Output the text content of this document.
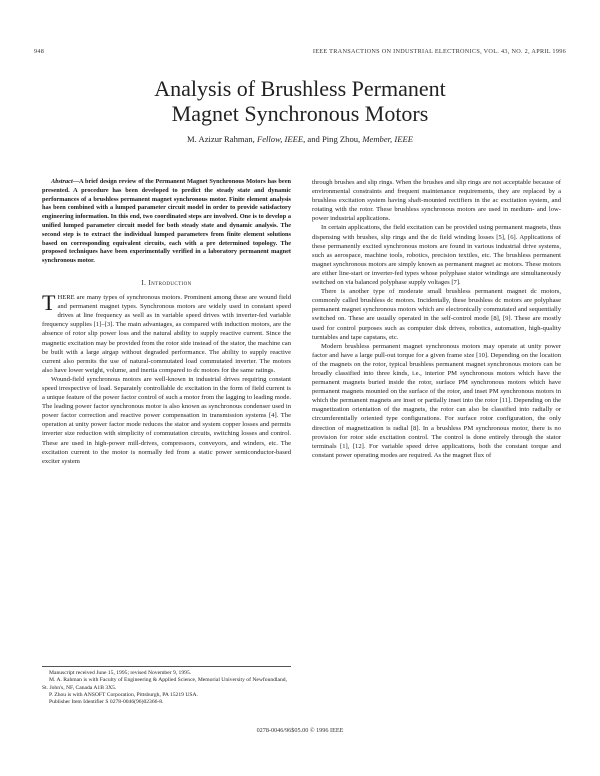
948	IEEE TRANSACTIONS ON INDUSTRIAL ELECTRONICS, VOL. 43, NO. 2, APRIL 1996
Analysis of Brushless Permanent
Magnet Synchronous Motors
M. Azizur Rahman, Fellow, IEEE, and Ping Zhou, Member, IEEE

Abstract—A brief design review of the Permanent Magnet Synchronous Motors has been presented. A procedure has been developed to predict the steady state and dynamic performances of a brushless permanent magnet synchronous motor. Finite element analysis has been combined with a lumped parameter circuit model in order to provide satisfactory engineering information. In this end, two coordinated steps are involved. One is to develop a unified lumped parameter circuit model for both steady state and dynamic analysis. The second step is to extract the individual lumped parameters from finite element solutions based on corresponding equivalent circuits, each with a pre determined topology. The proposed techniques have been experimentally verified in a laboratory permanent magnet synchronous motor.

I. Introduction

THERE are many types of synchronous motors. Prominent among these are wound field and permanent magnet types. Synchronous motors are widely used in constant speed drives at line frequency as well as in variable speed drives with inverter-fed variable frequency supplies [1]–[3]. The main advantages, as compared with induction motors, are the absence of rotor slip power loss and the natural ability to supply reactive current. Since the magnetic excitation may be provided from the rotor side instead of the stator, the machine can be built with a large airgap without degraded performance. The ability to supply reactive current also permits the use of natural-commutated load commutated inverter. The motors also have lower weight, volume, and inertia compared to dc motors for the same ratings.

Wound-field synchronous motors are well-known in industrial drives requiring constant speed irrespective of load. Separately controllable dc excitation in the form of field current is a unique feature of the power factor control of such a motor from the lagging to leading mode. The leading power factor synchronous motor is also known as synchronous condenser used in power factor correction and reactive power compensation in transmission systems [4]. The operation at unity power factor mode reduces the stator and system copper losses and permits inverter size reduction with simplicity of commutation circuits, switching losses and control. These are used in high-power mill-drives, compressors, conveyors, and winders, etc. The excitation current to the motor is normally fed from a static power semiconductor-based exciter system

Manuscript received June 15, 1995; revised November 9, 1995.

M. A. Rahman is with Faculty of Engineering & Applied Science, Memorial University of Newfoundland, St. John's, NF, Canada A1B 3X5.

P. Zhou is with ANSOFT Corporation, Pittsburgh, PA 15219 USA.

Publisher Item Identifier S 0278-0046(96)02366-8.

through brushes and slip rings. When the brushes and slip rings are not acceptable because of environmental constraints and frequent maintenance requirements, they are replaced by a brushless excitation system having shaft-mounted rectifiers in the ac excitation system, and rotating with the rotor. These brushless synchronous motors are used in medium- and low-power industrial applications.

In certain applications, the field excitation can be provided using permanent magnets, thus dispensing with brushes, slip rings and the dc field winding losses [5], [6]. Applications of these permanently excited synchronous motors are found in various industrial drive systems, such as aerospace, machine tools, robotics, precision textiles, etc. The brushless permanent magnet synchronous motors are simply known as permanent magnet ac motors. These motors are either line-start or inverter-fed types whose polyphase stator windings are simultaneously switched on via balanced polyphase supply voltages [7].

There is another type of moderate small brushless permanent magnet dc motors, commonly called brushless dc motors. Incidentally, these brushless dc motors are polyphase permanent magnet synchronous motors which are electronically commutated and sequentially switched on. These are usually operated in the self-control mode [8], [9]. These are mostly used for control purposes such as computer disk drives, robotics, automation, high-quality turntables and tape capstans, etc.

Modern brushless permanent magnet synchronous motors may operate at unity power factor and have a large pull-out torque for a given frame size [10]. Depending on the location of the magnets on the rotor, typical brushless permanent magnet synchronous motors can be broadly classified into three kinds, i.e., interior PM synchronous motors which have the permanent magnets buried inside the rotor, surface PM synchronous motors which have permanent magnets mounted on the surface of the rotor, and inset PM synchronous motors in which the permanent magnets are inset or partially inset into the rotor [11]. Depending on the magnetization orientation of the magnets, the rotor can also be classified into radially or circumferentially oriented type configurations. For surface rotor configuration, the only direction of magnetization is radial [8]. In a brushless PM synchronous motor, there is no provision for rotor side excitation control. The control is done entirely through the stator terminals [1], [12]. For variable speed drive applications, both the constant torque and constant power operating modes are required. As the magnet flux of

0278-0046/96$05.00 © 1996 IEEE
